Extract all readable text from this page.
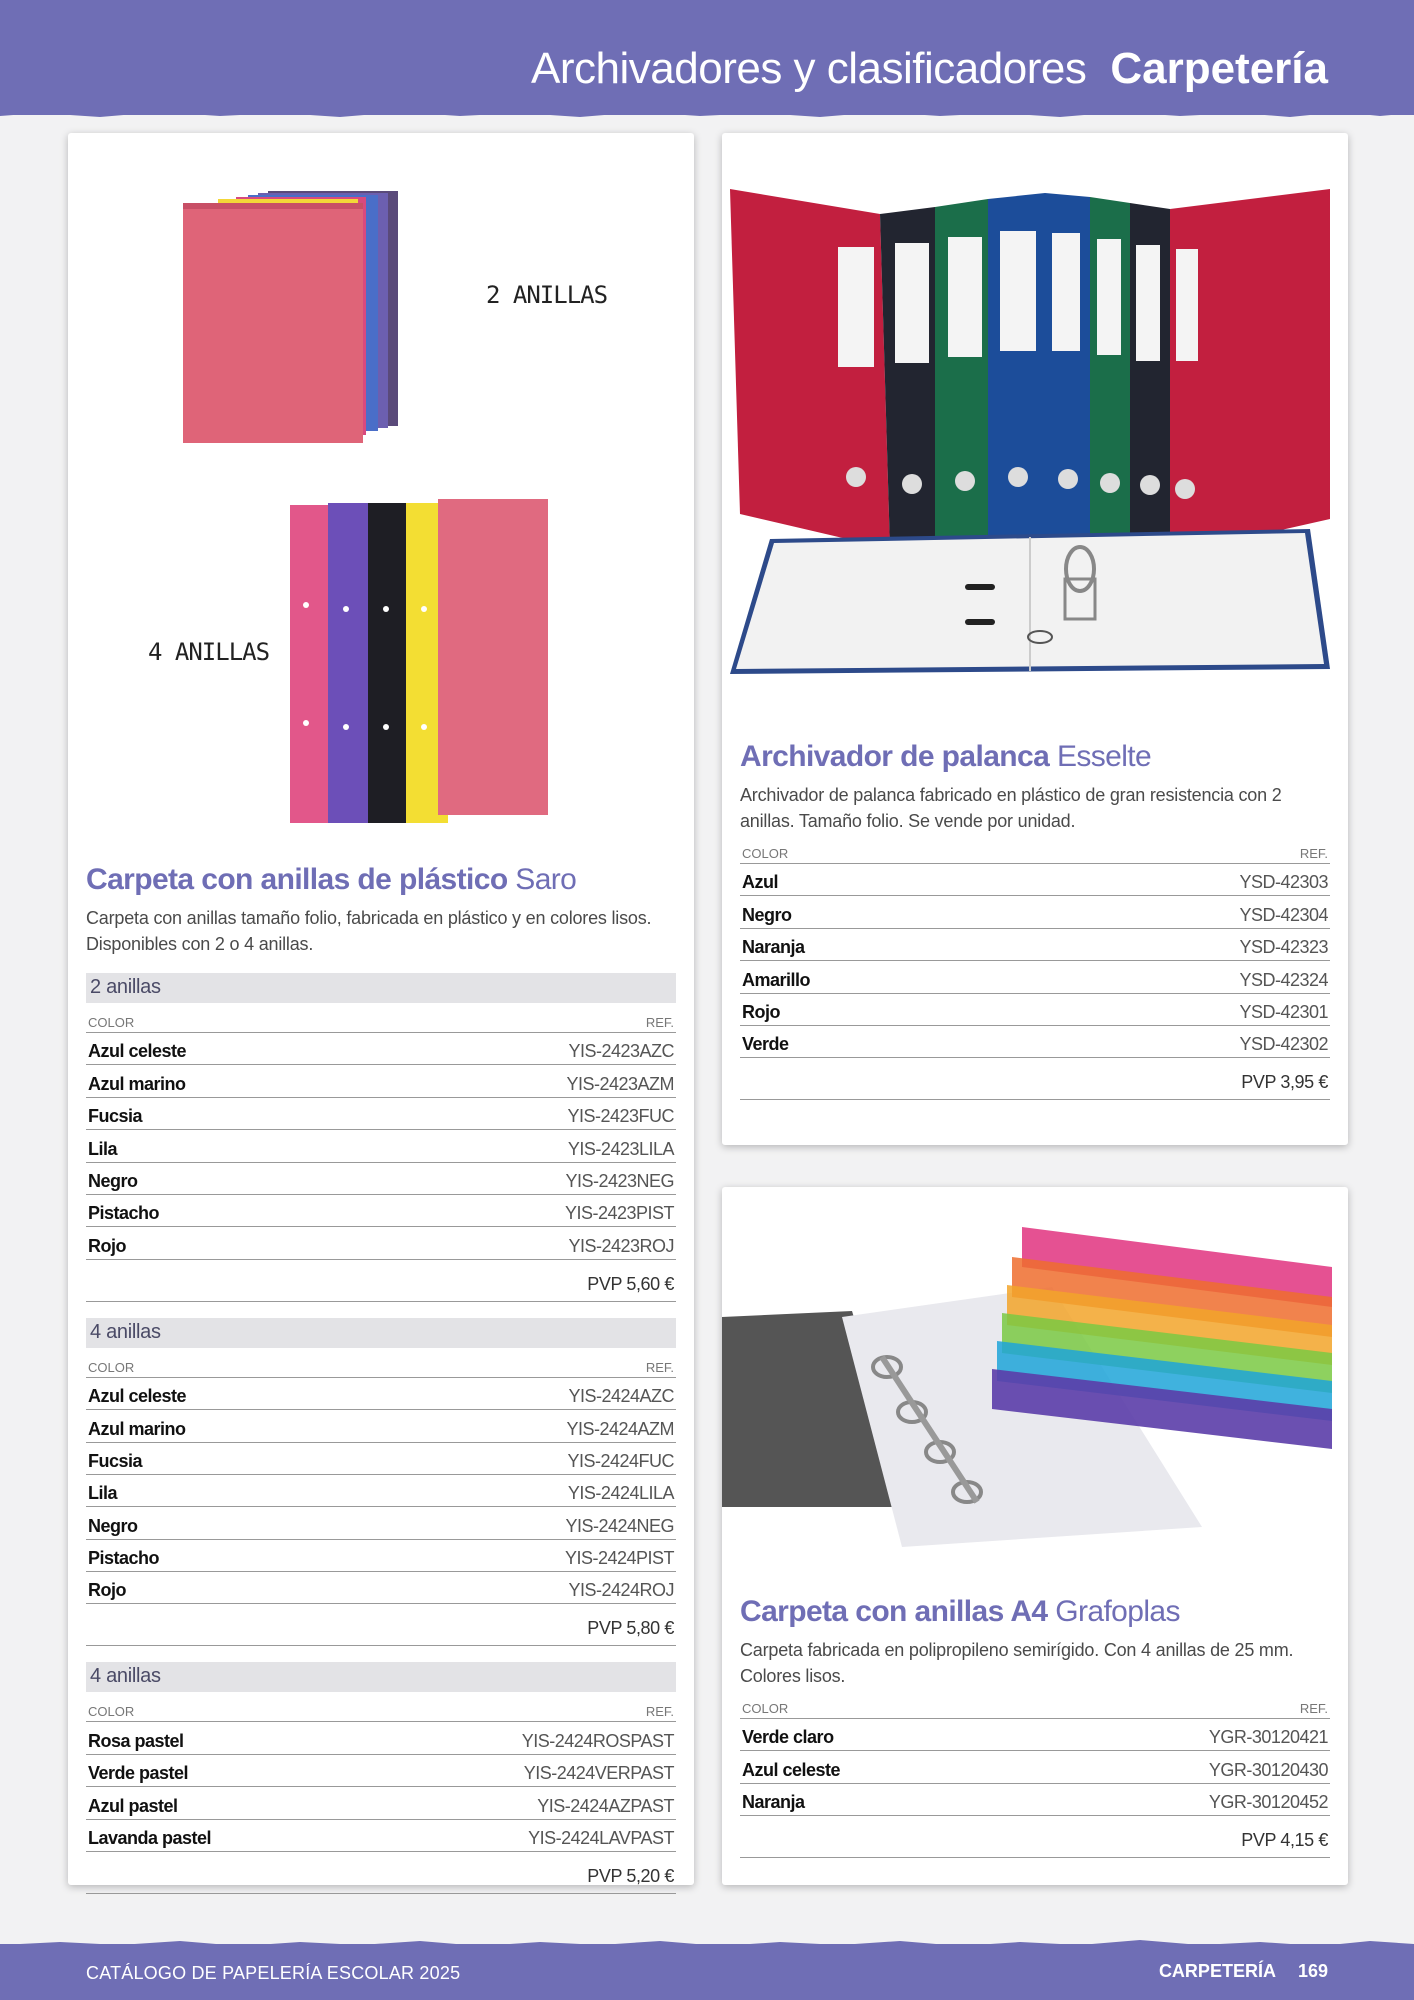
Archivadores y clasificadores Carpetería
2 ANILLAS
4 ANILLAS
Carpeta con anillas de plástico Saro
Carpeta con anillas tamaño folio, fabricada en plástico y en colores lisos. Disponibles con 2 o 4 anillas.
2 anillas
COLOR	REF.
Azul celeste	YIS-2423AZC
Azul marino	YIS-2423AZM
Fucsia	YIS-2423FUC
Lila	YIS-2423LILA
Negro	YIS-2423NEG
Pistacho	YIS-2423PIST
Rojo	YIS-2423ROJ
PVP 5,60 €
4 anillas
COLOR	REF.
Azul celeste	YIS-2424AZC
Azul marino	YIS-2424AZM
Fucsia	YIS-2424FUC
Lila	YIS-2424LILA
Negro	YIS-2424NEG
Pistacho	YIS-2424PIST
Rojo	YIS-2424ROJ
PVP 5,80 €
4 anillas
COLOR	REF.
Rosa pastel	YIS-2424ROSPAST
Verde pastel	YIS-2424VERPAST
Azul pastel	YIS-2424AZPAST
Lavanda pastel	YIS-2424LAVPAST
PVP 5,20 €
Archivador de palanca Esselte
Archivador de palanca fabricado en plástico de gran resistencia con 2 anillas. Tamaño folio. Se vende por unidad.
COLOR	REF.
Azul	YSD-42303
Negro	YSD-42304
Naranja	YSD-42323
Amarillo	YSD-42324
Rojo	YSD-42301
Verde	YSD-42302
PVP 3,95 €
Carpeta con anillas A4 Grafoplas
Carpeta fabricada en polipropileno semirígido. Con 4 anillas de 25 mm. Colores lisos.
COLOR	REF.
Verde claro	YGR-30120421
Azul celeste	YGR-30120430
Naranja	YGR-30120452
PVP 4,15 €
CATÁLOGO DE PAPELERÍA ESCOLAR 2025	CARPETERÍA 169
